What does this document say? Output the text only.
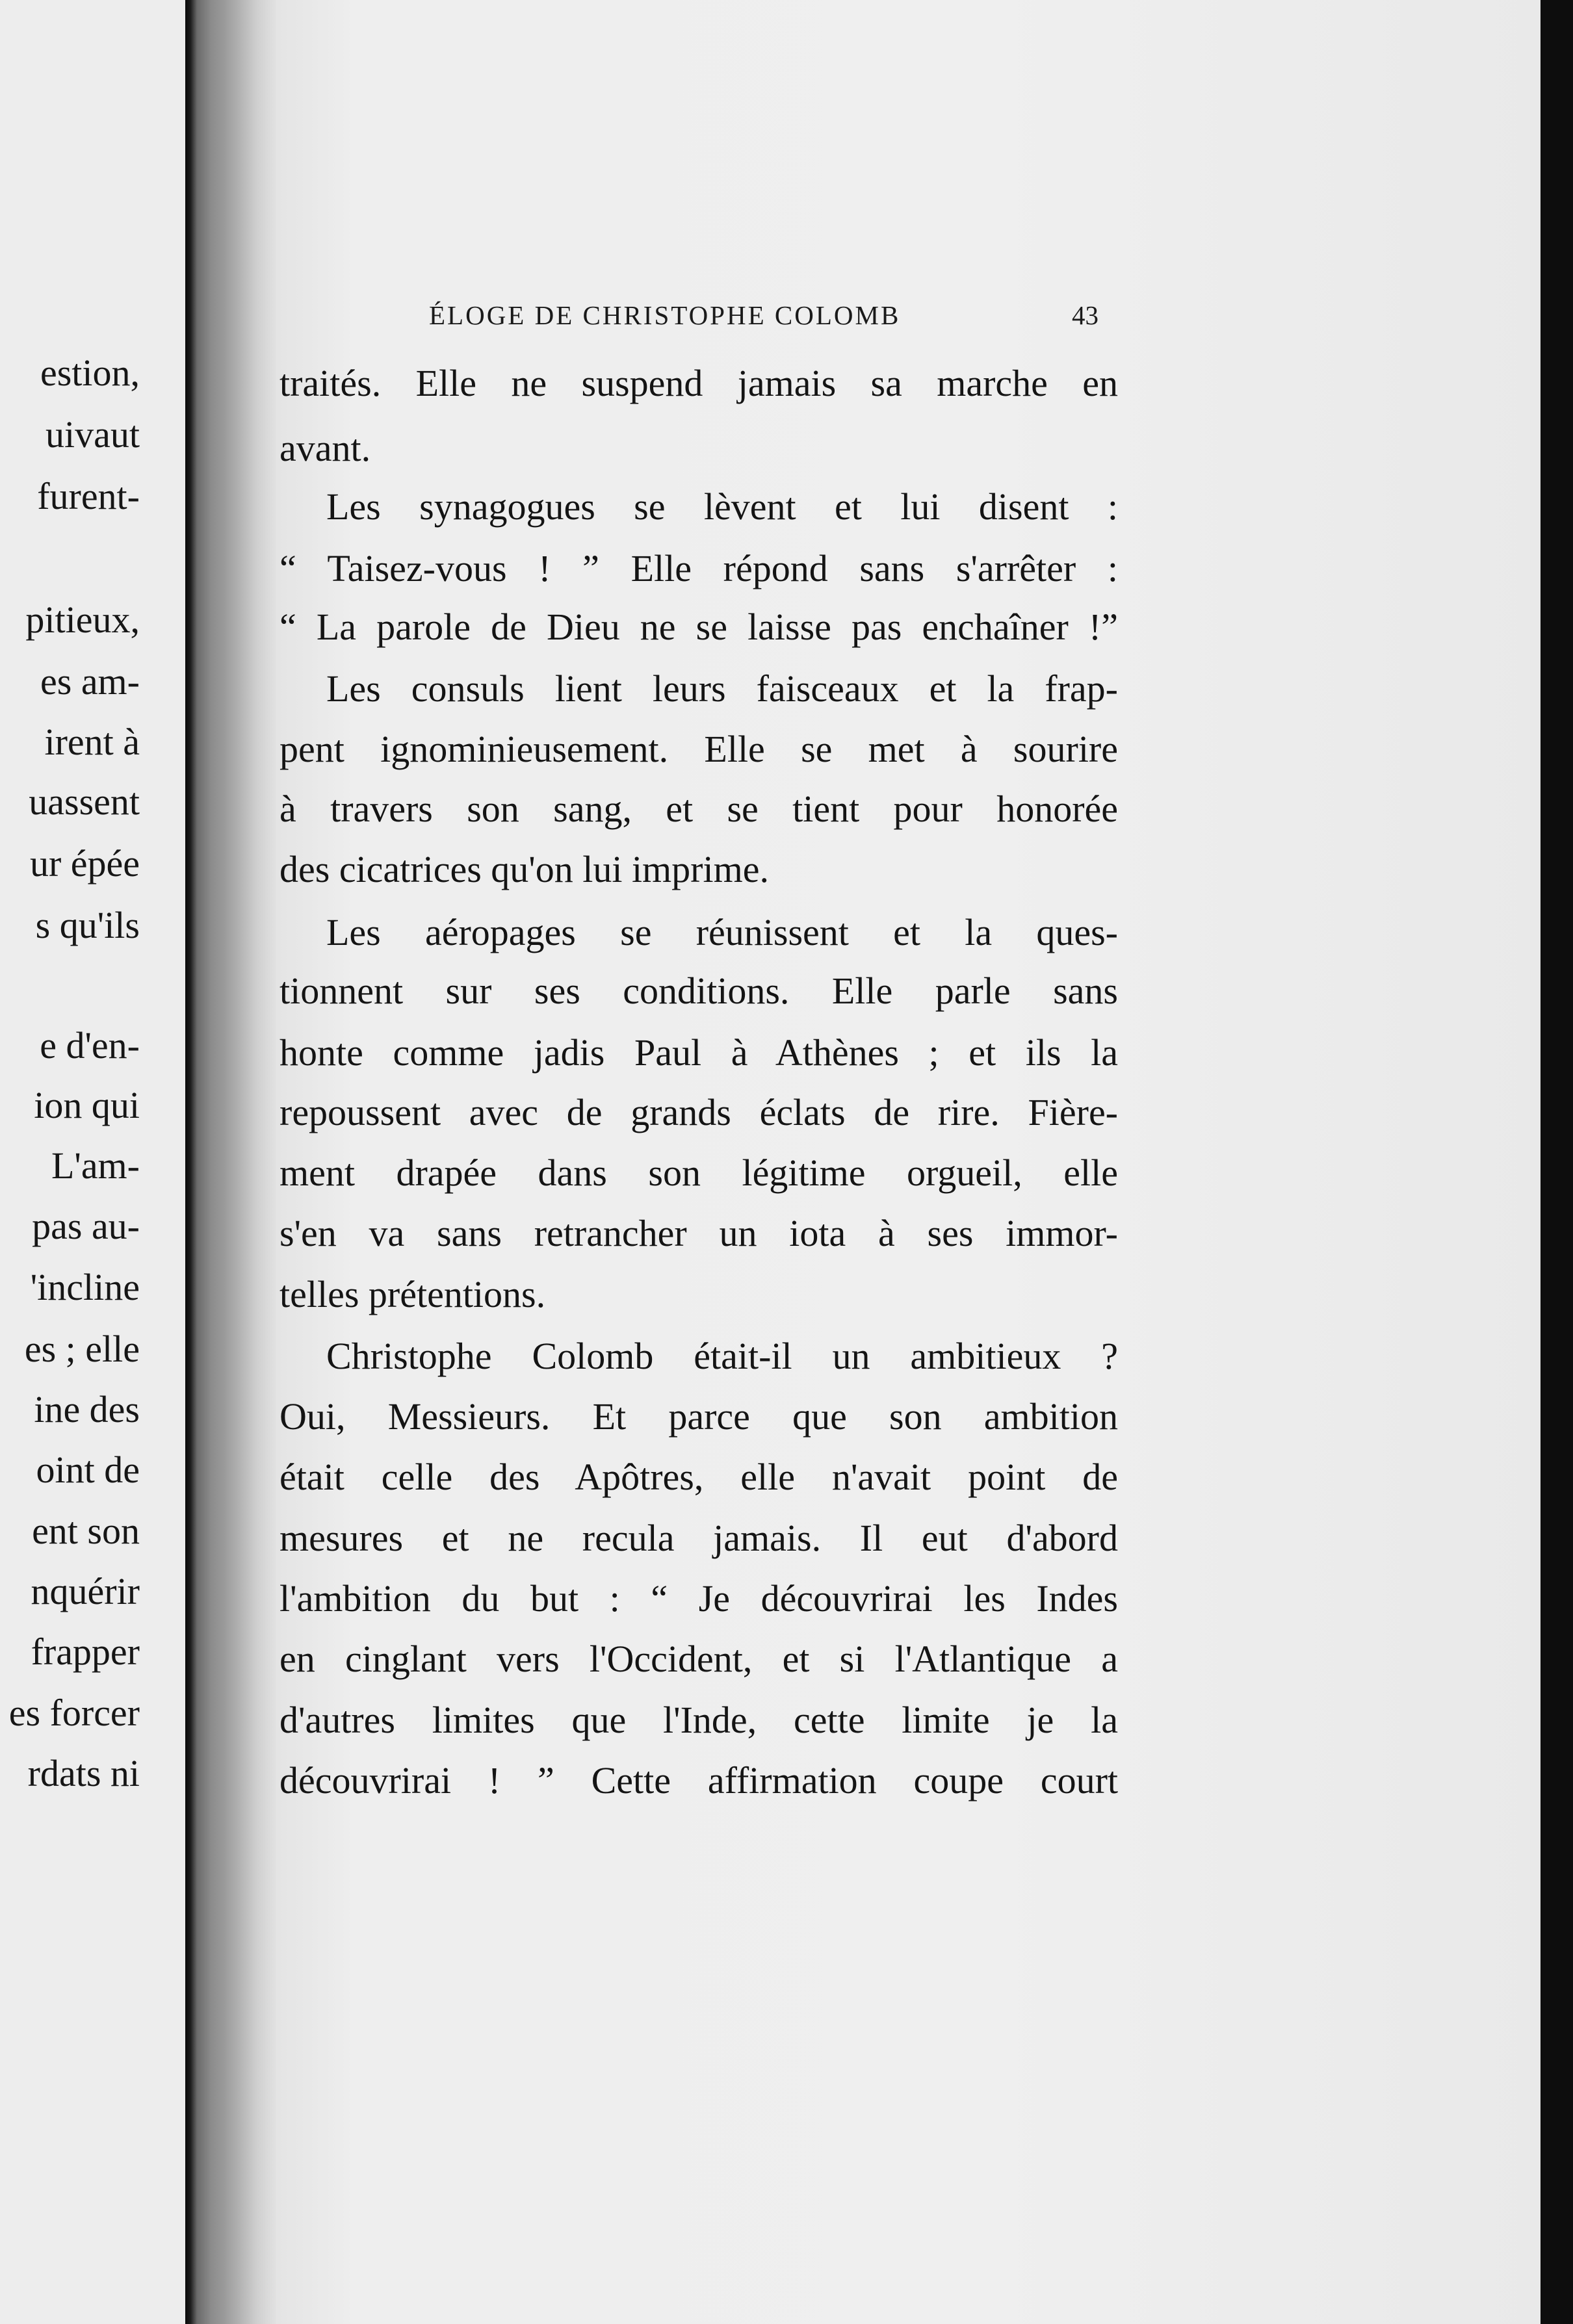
estion,
uivaut
furent-
pitieux,
es am-
irent à
uassent
ur épée
s qu'ils
e d'en-
ion qui
L'am-
pas au-
'incline
es ; elle
ine des
oint de
ent son
nquérir
frapper
es forcer
rdats ni
ÉLOGE DE CHRISTOPHE COLOMB	43
traités. Elle ne suspend jamais sa marche en
avant.
Les synagogues se lèvent et lui disent :
“ Taisez-vous ! ” Elle répond sans s'arrêter :
“ La parole de Dieu ne se laisse pas enchaîner !”
Les consuls lient leurs faisceaux et la frap-
pent ignominieusement. Elle se met à sourire
à travers son sang, et se tient pour honorée
des cicatrices qu'on lui imprime.
Les aéropages se réunissent et la ques-
tionnent sur ses conditions. Elle parle sans
honte comme jadis Paul à Athènes ; et ils la
repoussent avec de grands éclats de rire. Fière-
ment drapée dans son légitime orgueil, elle
s'en va sans retrancher un iota à ses immor-
telles prétentions.
Christophe Colomb était-il un ambitieux ?
Oui, Messieurs. Et parce que son ambition
était celle des Apôtres, elle n'avait point de
mesures et ne recula jamais. Il eut d'abord
l'ambition du but : “ Je découvrirai les Indes
en cinglant vers l'Occident, et si l'Atlantique a
d'autres limites que l'Inde, cette limite je la
découvrirai ! ” Cette affirmation coupe court
